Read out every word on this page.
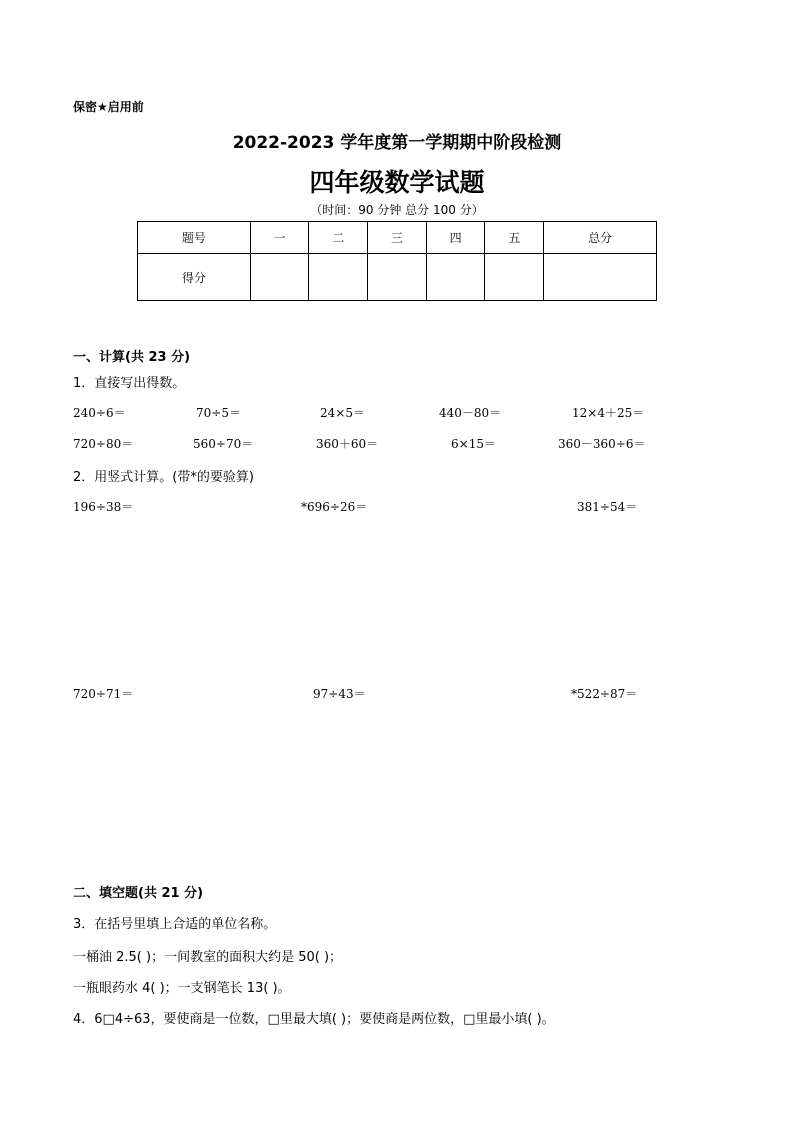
保密★启用前
2022-2023 学年度第一学期期中阶段检测
四年级数学试题
（时间：90 分钟 总分 100 分）
题号	一	二	三	四	五	总分
得分						
一、计算(共 23 分)
1．直接写出得数。
240÷6＝	70÷5＝	24×5＝	440－80＝	12×4＋25＝
720÷80＝	560÷70＝	360＋60＝	6×15＝	360－360÷6＝
2．用竖式计算。(带*的要验算)
196÷38＝	*696÷26＝	381÷54＝
720÷71＝	97÷43＝	*522÷87＝
二、填空题(共 21 分)
3．在括号里填上合适的单位名称。
一桶油 2.5( )；一间教室的面积大约是 50( )；
一瓶眼药水 4( )；一支钢笔长 13( )。
4．6□4÷63，要使商是一位数，□里最大填( )；要使商是两位数，□里最小填( )。
